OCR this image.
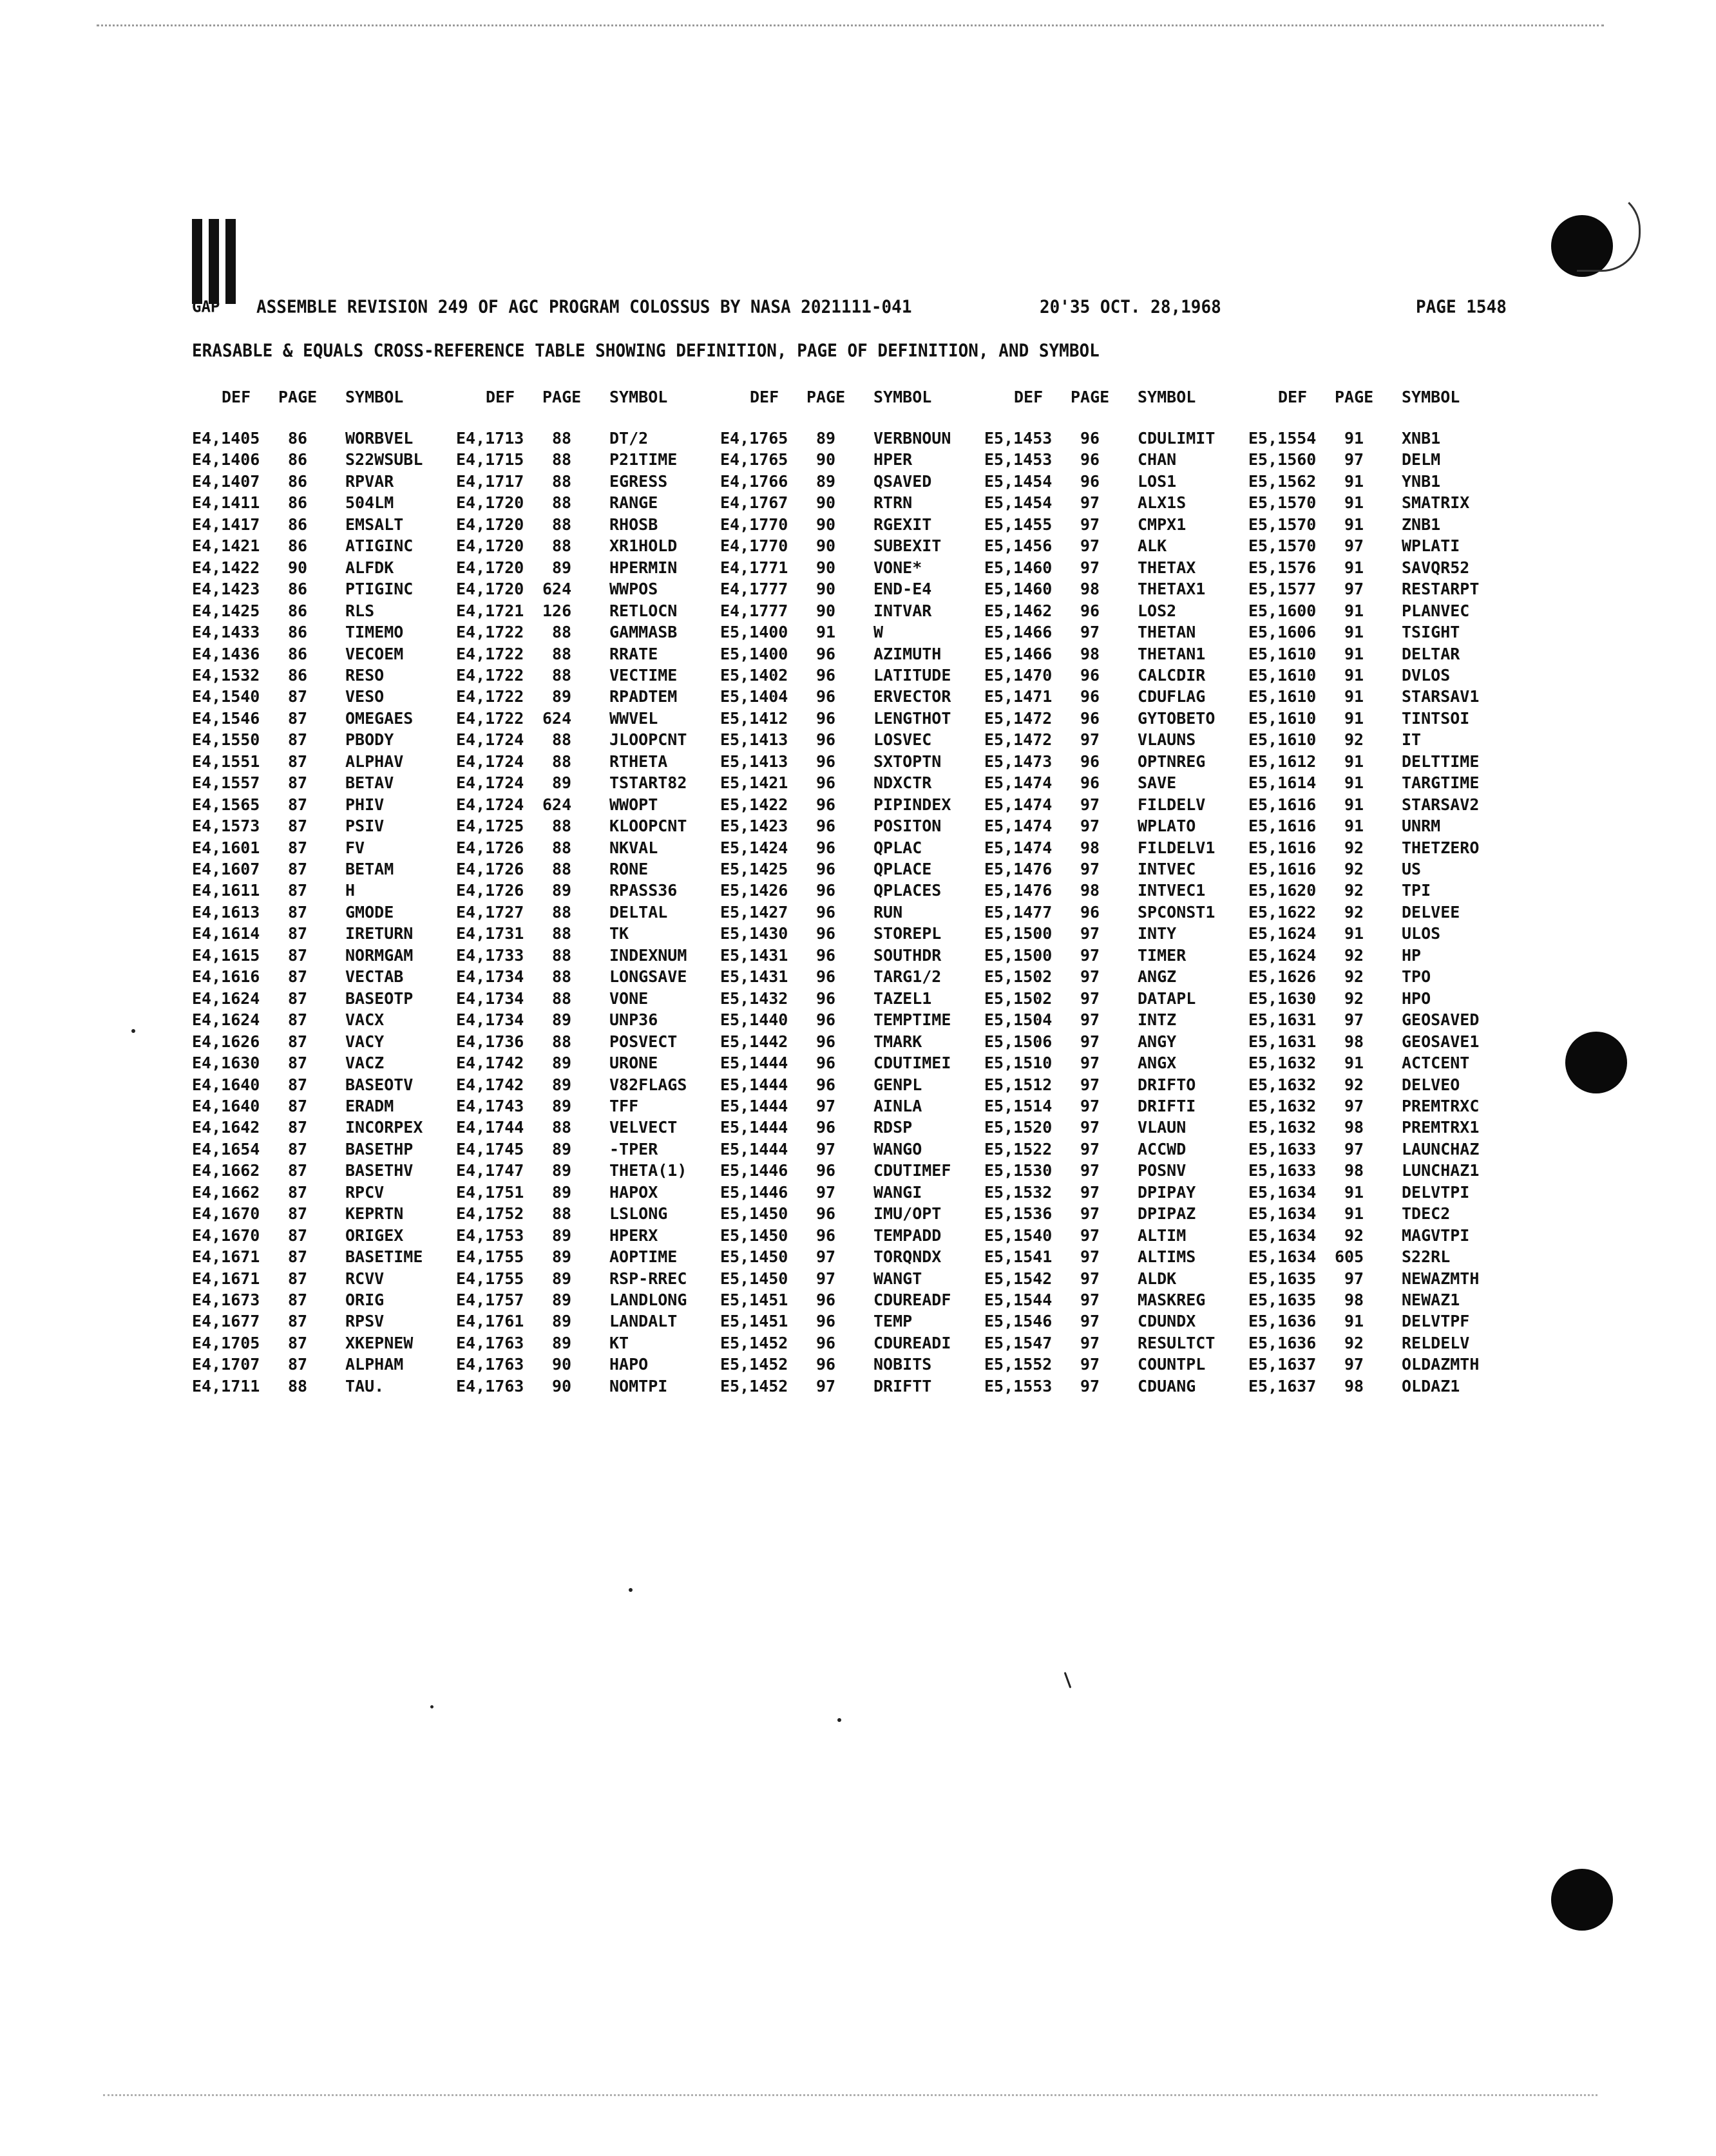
GAP ASSEMBLE REVISION 249 OF AGC PROGRAM COLOSSUS BY NASA 2021111-041	20'35 OCT. 28,1968	PAGE 1548
ERASABLE & EQUALS CROSS-REFERENCE TABLE SHOWING DEFINITION, PAGE OF DEFINITION, AND SYMBOL
DEF PAGE SYMBOL	DEF PAGE SYMBOL	DEF PAGE SYMBOL	DEF PAGE SYMBOL	DEF PAGE SYMBOL
E4,1405 86 WORBVEL	E4,1713 88 DT/2	E4,1765 89 VERBNOUN E5,1453 96 CDULIMIT E5,1554 91 XNB1
E4,1406 86 S22WSUBL E4,1715 88 P21TIME	E4,1765 90 HPER	E5,1453 96 CHAN	E5,1560 97 DELM
E4,1407 86 RPVAR	E4,1717 88 EGRESS	E4,1766 89 QSAVED	E5,1454 96 LOS1	E5,1562 91 YNB1
E4,1411 86 504LM	E4,1720 88 RANGE	E4,1767 90 RTRN	E5,1454 97 ALX1S	E5,1570 91 SMATRIX
E4,1417 86 EMSALT	E4,1720 88 RHOSB	E4,1770 90 RGEXIT	E5,1455 97 CMPX1	E5,1570 91 ZNB1
E4,1421 86 ATIGINC	E4,1720 88 XR1HOLD	E4,1770 90 SUBEXIT	E5,1456 97 ALK	E5,1570 97 WPLATI
E4,1422 90 ALFDK	E4,1720 89 HPERMIN	E4,1771 90 VONE*	E5,1460 97 THETAX	E5,1576 91 SAVQR52
E4,1423 86 PTIGINC	E4,1720 624 WWPOS	E4,1777 90 END-E4	E5,1460 98 THETAX1	E5,1577 97 RESTARPT
E4,1425 86 RLS	E4,1721 126 RETLOCN	E4,1777 90 INTVAR	E5,1462 96 LOS2	E5,1600 91 PLANVEC
E4,1433 86 TIMEMO	E4,1722 88 GAMMASB	E5,1400 91 W	E5,1466 97 THETAN	E5,1606 91 TSIGHT
E4,1436 86 VECOEM	E4,1722 88 RRATE	E5,1400 96 AZIMUTH	E5,1466 98 THETAN1	E5,1610 91 DELTAR
E4,1532 86 RESO	E4,1722 88 VECTIME	E5,1402 96 LATITUDE E5,1470 96 CALCDIR	E5,1610 91 DVLOS
E4,1540 87 VESO	E4,1722 89 RPADTEM	E5,1404 96 ERVECTOR E5,1471 96 CDUFLAG	E5,1610 91 STARSAV1
E4,1546 87 OMEGAES	E4,1722 624 WWVEL	E5,1412 96 LENGTHOT E5,1472 96 GYTOBETO E5,1610 91 TINTSOI
E4,1550 87 PBODY	E4,1724 88 JLOOPCNT E5,1413 96 LOSVEC	E5,1472 97 VLAUNS	E5,1610 92 IT
E4,1551 87 ALPHAV	E4,1724 88 RTHETA	E5,1413 96 SXTOPTN	E5,1473 96 OPTNREG	E5,1612 91 DELTTIME
E4,1557 87 BETAV	E4,1724 89 TSTART82 E5,1421 96 NDXCTR	E5,1474 96 SAVE	E5,1614 91 TARGTIME
E4,1565 87 PHIV	E4,1724 624 WWOPT	E5,1422 96 PIPINDEX E5,1474 97 FILDELV	E5,1616 91 STARSAV2
E4,1573 87 PSIV	E4,1725 88 KLOOPCNT E5,1423 96 POSITON	E5,1474 97 WPLATO	E5,1616 91 UNRM
E4,1601 87 FV	E4,1726 88 NKVAL	E5,1424 96 QPLAC	E5,1474 98 FILDELV1 E5,1616 92 THETZERO
E4,1607 87 BETAM	E4,1726 88 RONE	E5,1425 96 QPLACE	E5,1476 97 INTVEC	E5,1616 92 US
E4,1611 87 H	E4,1726 89 RPASS36	E5,1426 96 QPLACES	E5,1476 98 INTVEC1	E5,1620 92 TPI
E4,1613 87 GMODE	E4,1727 88 DELTAL	E5,1427 96 RUN	E5,1477 96 SPCONST1 E5,1622 92 DELVEE
E4,1614 87 IRETURN	E4,1731 88 TK	E5,1430 96 STOREPL	E5,1500 97 INTY	E5,1624 91 ULOS
E4,1615 87 NORMGAM	E4,1733 88 INDEXNUM E5,1431 96 SOUTHDR	E5,1500 97 TIMER	E5,1624 92 HP
E4,1616 87 VECTAB	E4,1734 88 LONGSAVE E5,1431 96 TARG1/2	E5,1502 97 ANGZ	E5,1626 92 TPO
E4,1624 87 BASEOTP	E4,1734 88 VONE	E5,1432 96 TAZEL1	E5,1502 97 DATAPL	E5,1630 92 HPO
E4,1624 87 VACX	E4,1734 89 UNP36	E5,1440 96 TEMPTIME E5,1504 97 INTZ	E5,1631 97 GEOSAVED
E4,1626 87 VACY	E4,1736 88 POSVECT	E5,1442 96 TMARK	E5,1506 97 ANGY	E5,1631 98 GEOSAVE1
E4,1630 87 VACZ	E4,1742 89 URONE	E5,1444 96 CDUTIMEI E5,1510 97 ANGX	E5,1632 91 ACTCENT
E4,1640 87 BASEOTV	E4,1742 89 V82FLAGS E5,1444 96 GENPL	E5,1512 97 DRIFTO	E5,1632 92 DELVEO
E4,1640 87 ERADM	E4,1743 89 TFF	E5,1444 97 AINLA	E5,1514 97 DRIFTI	E5,1632 97 PREMTRXC
E4,1642 87 INCORPEX E4,1744 88 VELVECT	E5,1444 96 RDSP	E5,1520 97 VLAUN	E5,1632 98 PREMTRX1
E4,1654 87 BASETHP	E4,1745 89 -TPER	E5,1444 97 WANGO	E5,1522 97 ACCWD	E5,1633 97 LAUNCHAZ
E4,1662 87 BASETHV	E4,1747 89 THETA(1) E5,1446 96 CDUTIMEF E5,1530 97 POSNV	E5,1633 98 LUNCHAZ1
E4,1662 87 RPCV	E4,1751 89 HAPOX	E5,1446 97 WANGI	E5,1532 97 DPIPAY	E5,1634 91 DELVTPI
E4,1670 87 KEPRTN	E4,1752 88 LSLONG	E5,1450 96 IMU/OPT	E5,1536 97 DPIPAZ	E5,1634 91 TDEC2
E4,1670 87 ORIGEX	E4,1753 89 HPERX	E5,1450 96 TEMPADD	E5,1540 97 ALTIM	E5,1634 92 MAGVTPI
E4,1671 87 BASETIME E4,1755 89 AOPTIME	E5,1450 97 TORQNDX	E5,1541 97 ALTIMS	E5,1634 605 S22RL
E4,1671 87 RCVV	E4,1755 89 RSP-RREC E5,1450 97 WANGT	E5,1542 97 ALDK	E5,1635 97 NEWAZMTH
E4,1673 87 ORIG	E4,1757 89 LANDLONG E5,1451 96 CDUREADF E5,1544 97 MASKREG	E5,1635 98 NEWAZ1
E4,1677 87 RPSV	E4,1761 89 LANDALT	E5,1451 96 TEMP	E5,1546 97 CDUNDX	E5,1636 91 DELVTPF
E4,1705 87 XKEPNEW	E4,1763 89 KT	E5,1452 96 CDUREADI E5,1547 97 RESULTCT E5,1636 92 RELDELV
E4,1707 87 ALPHAM	E4,1763 90 HAPO	E5,1452 96 NOBITS	E5,1552 97 COUNTPL	E5,1637 97 OLDAZMTH
E4,1711 88 TAU.	E4,1763 90 NOMTPI	E5,1452 97 DRIFTT	E5,1553 97 CDUANG	E5,1637 98 OLDAZ1
